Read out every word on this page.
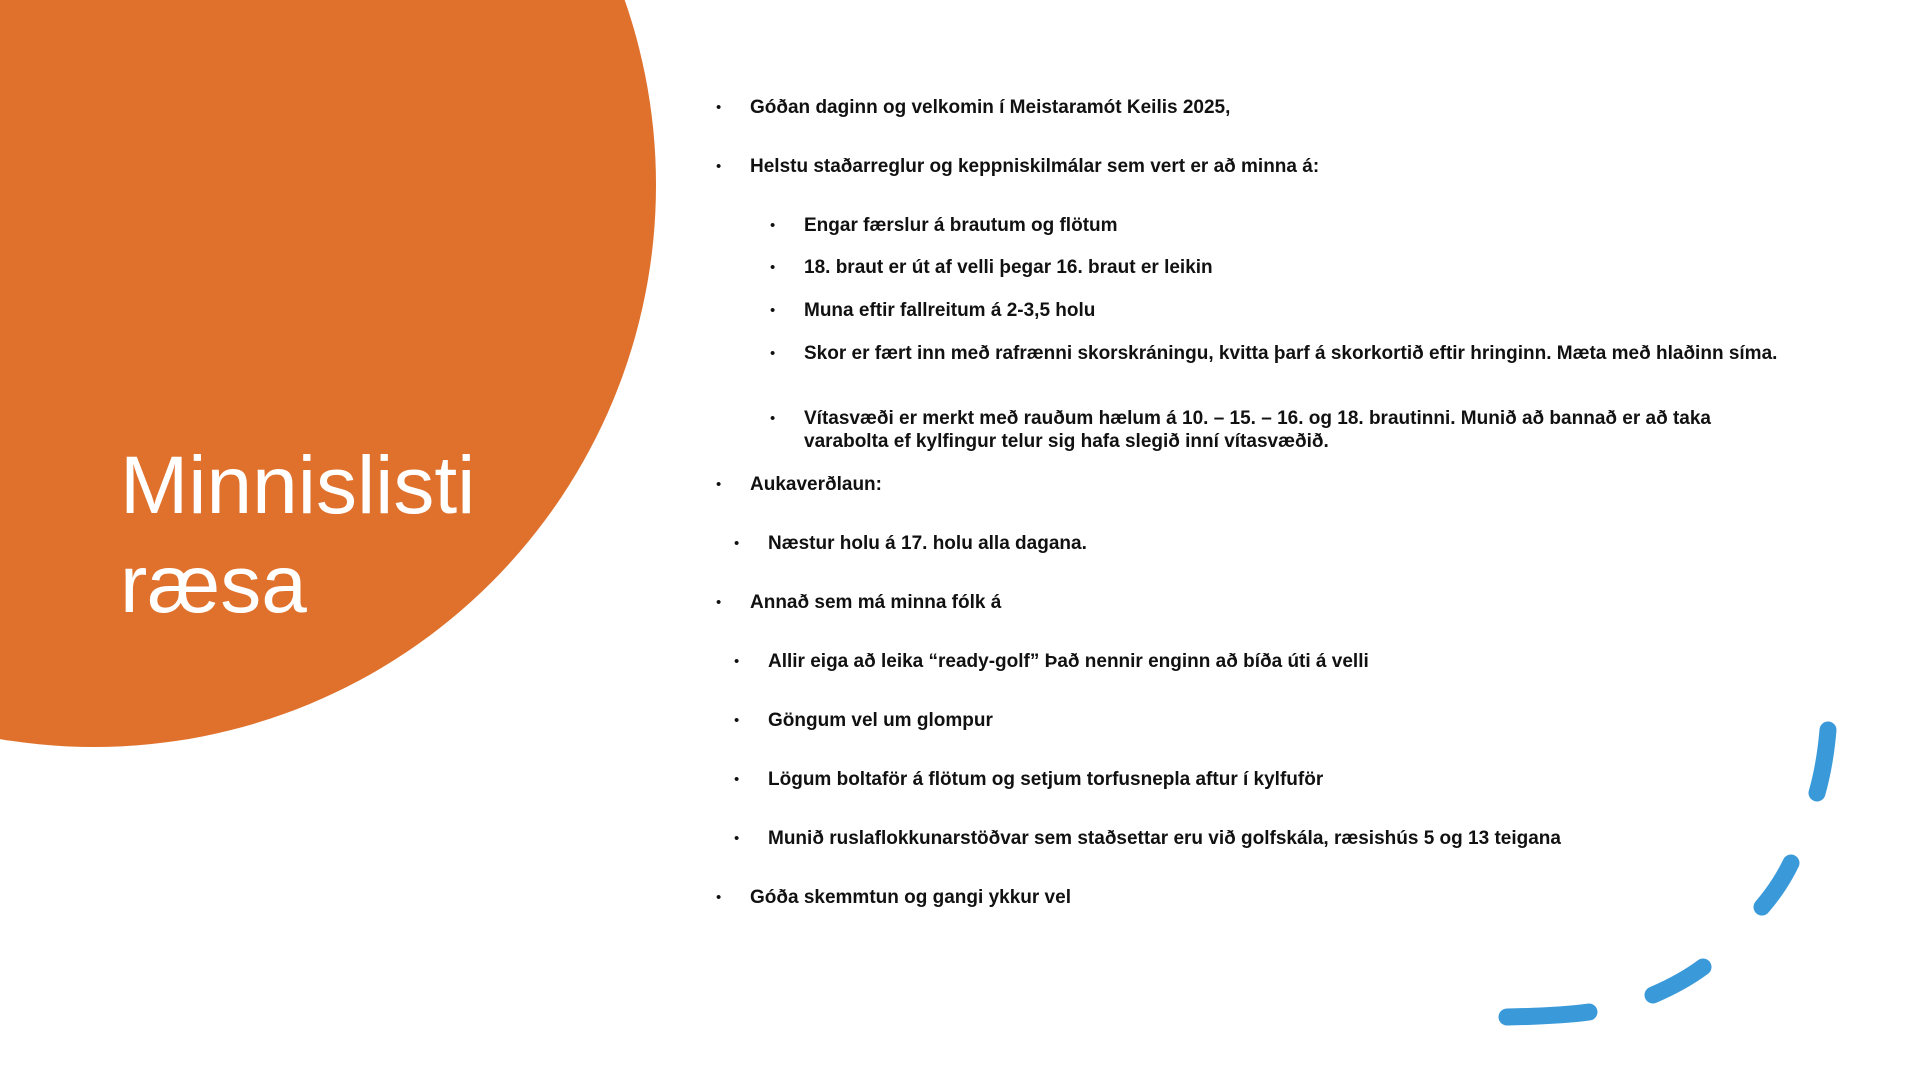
Minnislisti
ræsa
• Góðan daginn og velkomin í Meistaramót Keilis 2025,
• Helstu staðarreglur og keppniskilmálar sem vert er að minna á:
• Engar færslur á brautum og flötum
• 18. braut er út af velli þegar 16. braut er leikin
• Muna eftir fallreitum á 2-3,5 holu
• Skor er fært inn með rafrænni skorskráningu, kvitta þarf á skorkortið eftir hringinn. Mæta með hlaðinn síma.
• Vítasvæði er merkt með rauðum hælum á 10. – 15. – 16. og 18. brautinni. Munið að bannað er að taka varabolta ef kylfingur telur sig hafa slegið inní vítasvæðið.
• Aukaverðlaun:
• Næstur holu á 17. holu alla dagana.
• Annað sem má minna fólk á
• Allir eiga að leika “ready-golf” Það nennir enginn að bíða úti á velli
• Göngum vel um glompur
• Lögum boltaför á flötum og setjum torfusnepla aftur í kylfuför
• Munið ruslaflokkunarstöðvar sem staðsettar eru við golfskála, ræsishús 5 og 13 teigana
• Góða skemmtun og gangi ykkur vel
